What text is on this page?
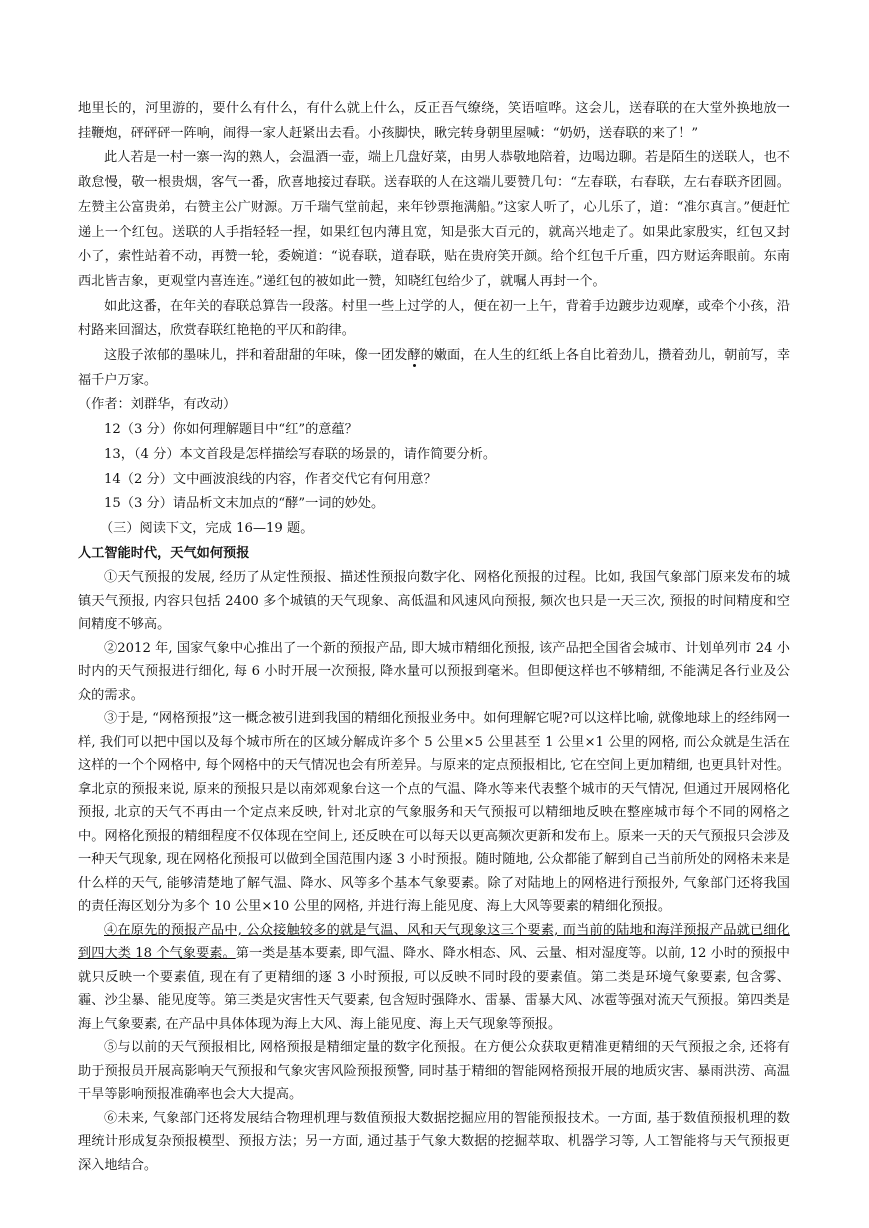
地里长的，河里游的，要什么有什么，有什么就上什么，反正吾气缭绕，笑语喧哗。这会儿，送春联的在大堂外换地放一挂鞭炮，砰砰砰一阵响，闹得一家人赶紧出去看。小孩脚快，瞅完转身朝里屋喊：“奶奶，送春联的来了！”

此人若是一村一寨一沟的熟人，会温酒一壶，端上几盘好菜，由男人恭敬地陪着，边喝边聊。若是陌生的送联人，也不敢怠慢，敬一根贵烟，客气一番，欣喜地接过春联。送春联的人在这端儿要赞几句：“左春联，右春联，左右春联齐团圆。左赞主公富贵弟，右赞主公广财源。万千瑞气堂前起，来年钞票拖满船。”这家人听了，心儿乐了，道：“准尔真言。”便赶忙递上一个红包。送联的人手指轻轻一捏，如果红包内薄且宽，知是张大百元的，就高兴地走了。如果此家殷实，红包又封小了，索性站着不动，再赞一轮，委婉道：“说春联，道春联，贴在贵府笑开颜。给个红包千斤重，四方财运奔眼前。东南西北皆吉象，更观堂内喜连连。”递红包的被如此一赞，知晓红包给少了，就嘱人再封一个。

如此这番，在年关的春联总算告一段落。村里一些上过学的人，便在初一上午，背着手边踱步边观摩，或牵个小孩，沿村路来回溜达，欣赏春联红艳艳的平仄和韵律。

这股子浓郁的墨味儿，拌和着甜甜的年味，像一团发酵的嫩面，在人生的红纸上各自比着劲儿，攒着劲儿，朝前写，幸福千户万家。

（作者：刘群华，有改动）

12（3 分）你如何理解题目中“红”的意蕴？

13，（4 分）本文首段是怎样描绘写春联的场景的，请作简要分析。

14（2 分）文中画波浪线的内容，作者交代它有何用意？

15（3 分）请品析文末加点的“酵”一词的妙处。

（三）阅读下文，完成 16—19 题。

人工智能时代，天气如何预报

①天气预报的发展, 经历了从定性预报、描述性预报向数字化、网格化预报的过程。比如, 我国气象部门原来发布的城镇天气预报, 内容只包括 2400 多个城镇的天气现象、高低温和风速风向预报, 频次也只是一天三次, 预报的时间精度和空间精度不够高。

②2012 年, 国家气象中心推出了一个新的预报产品, 即大城市精细化预报, 该产品把全国省会城市、计划单列市 24 小时内的天气预报进行细化, 每 6 小时开展一次预报, 降水量可以预报到毫米。但即便这样也不够精细, 不能满足各行业及公众的需求。

③于是, “网格预报”这一概念被引进到我国的精细化预报业务中。如何理解它呢?可以这样比喻, 就像地球上的经纬网一样, 我们可以把中国以及每个城市所在的区域分解成许多个 5 公里×5 公里甚至 1 公里×1 公里的网格, 而公众就是生活在这样的一个个网格中, 每个网格中的天气情况也会有所差异。与原来的定点预报相比, 它在空间上更加精细, 也更具针对性。拿北京的预报来说, 原来的预报只是以南郊观象台这一个点的气温、降水等来代表整个城市的天气情况, 但通过开展网格化预报, 北京的天气不再由一个定点来反映, 针对北京的气象服务和天气预报可以精细地反映在整座城市每个不同的网格之中。网格化预报的精细程度不仅体现在空间上, 还反映在可以每天以更高频次更新和发布上。原来一天的天气预报只会涉及一种天气现象, 现在网格化预报可以做到全国范围内逐 3 小时预报。随时随地, 公众都能了解到自己当前所处的网格未来是什么样的天气, 能够清楚地了解气温、降水、风等多个基本气象要素。除了对陆地上的网格进行预报外, 气象部门还将我国的责任海区划分为多个 10 公里×10 公里的网格, 并进行海上能见度、海上大风等要素的精细化预报。

④在原先的预报产品中, 公众接触较多的就是气温、风和天气现象这三个要素, 而当前的陆地和海洋预报产品就已细化到四大类 18 个气象要素。第一类是基本要素, 即气温、降水、降水相态、风、云量、相对湿度等。以前, 12 小时的预报中就只反映一个要素值, 现在有了更精细的逐 3 小时预报, 可以反映不同时段的要素值。第二类是环境气象要素, 包含雾、霾、沙尘暴、能见度等。第三类是灾害性天气要素, 包含短时强降水、雷暴、雷暴大风、冰雹等强对流天气预报。第四类是海上气象要素, 在产品中具体体现为海上大风、海上能见度、海上天气现象等预报。

⑤与以前的天气预报相比, 网格预报是精细定量的数字化预报。在方便公众获取更精准更精细的天气预报之余, 还将有助于预报员开展高影响天气预报和气象灾害风险预报预警, 同时基于精细的智能网格预报开展的地质灾害、暴雨洪涝、高温干旱等影响预报准确率也会大大提高。

⑥未来, 气象部门还将发展结合物理机理与数值预报大数据挖掘应用的智能预报技术。一方面, 基于数值预报机理的数理统计形成复杂预报模型、预报方法；另一方面, 通过基于气象大数据的挖掘萃取、机器学习等, 人工智能将与天气预报更深入地结合。
